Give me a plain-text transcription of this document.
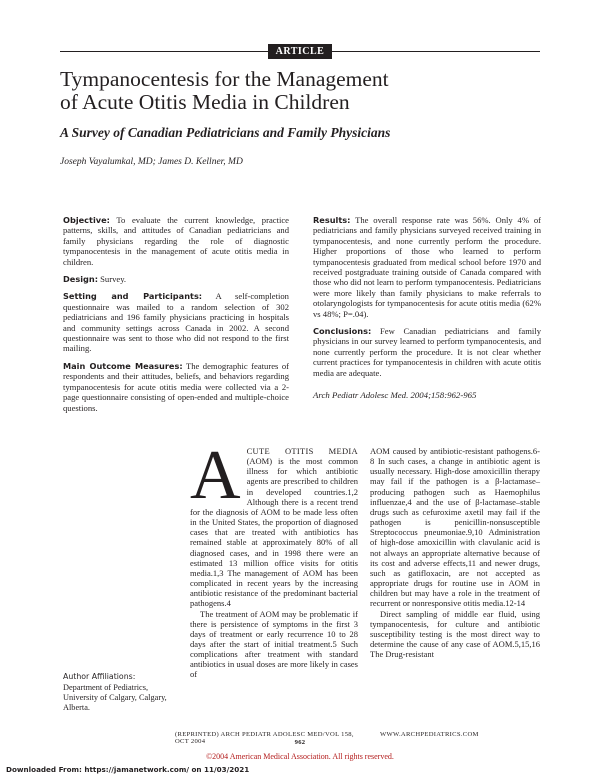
ARTICLE
Tympanocentesis for the Management
of Acute Otitis Media in Children
A Survey of Canadian Pediatricians and Family Physicians
Joseph Vayalumkal, MD; James D. Kellner, MD

Objective: To evaluate the current knowledge, practice patterns, skills, and attitudes of Canadian pediatricians and family physicians regarding the role of diagnostic tympanocentesis in the management of acute otitis media in children.

Design: Survey.

Setting and Participants: A self-completion questionnaire was mailed to a random selection of 302 pediatricians and 196 family physicians practicing in hospitals and community settings across Canada in 2002. A second questionnaire was sent to those who did not respond to the first mailing.

Main Outcome Measures: The demographic features of respondents and their attitudes, beliefs, and behaviors regarding tympanocentesis for acute otitis media were collected via a 2-page questionnaire consisting of open-ended and multiple-choice questions.

Results: The overall response rate was 56%. Only 4% of pediatricians and family physicians surveyed received training in tympanocentesis, and none currently perform the procedure. Higher proportions of those who learned to perform tympanocentesis graduated from medical school before 1970 and received postgraduate training outside of Canada compared with those who did not learn to perform tympanocentesis. Pediatricians were more likely than family physicians to make referrals to otolaryngologists for tympanocentesis for acute otitis media (62% vs 48%; P=.04).

Conclusions: Few Canadian pediatricians and family physicians in our survey learned to perform tympanocentesis, and none currently perform the procedure. It is not clear whether current practices for tympanocentesis in children with acute otitis media are adequate.

Arch Pediatr Adolesc Med. 2004;158:962-965

ACUTE OTITIS MEDIA (AOM) is the most common illness for which antibiotic agents are prescribed to children in developed countries.1,2 Although there is a recent trend for the diagnosis of AOM to be made less often in the United States, the proportion of diagnosed cases that are treated with antibiotics has remained stable at approximately 80% of all diagnosed cases, and in 1998 there were an estimated 13 million office visits for otitis media.1,3 The management of AOM has been complicated in recent years by the increasing antibiotic resistance of the predominant bacterial pathogens.4

The treatment of AOM may be problematic if there is persistence of symptoms in the first 3 days of treatment or early recurrence 10 to 28 days after the start of initial treatment.5 Such complications after treatment with standard antibiotics in usual doses are more likely in cases of

AOM caused by antibiotic-resistant pathogens.6-8 In such cases, a change in antibiotic agent is usually necessary. High-dose amoxicillin therapy may fail if the pathogen is a β-lactamase–producing pathogen such as Haemophilus influenzae,4 and the use of β-lactamase–stable drugs such as cefuroxime axetil may fail if the pathogen is penicillin-nonsusceptible Streptococcus pneumoniae.9,10 Administration of high-dose amoxicillin with clavulanic acid is not always an appropriate alternative because of its cost and adverse effects,11 and newer drugs, such as gatifloxacin, are not accepted as appropriate drugs for routine use in AOM in children but may have a role in the treatment of recurrent or nonresponsive otitis media.12-14

Direct sampling of middle ear fluid, using tympanocentesis, for culture and antibiotic susceptibility testing is the most direct way to determine the cause of any case of AOM.5,15,16 The Drug-resistant

Author Affiliations:
Department of Pediatrics, University of Calgary, Calgary, Alberta.
(REPRINTED) ARCH PEDIATR ADOLESC MED/VOL 158, OCT 2004
WWW.ARCHPEDIATRICS.COM
962
©2004 American Medical Association. All rights reserved.
Downloaded From: https://jamanetwork.com/ on 11/03/2021
